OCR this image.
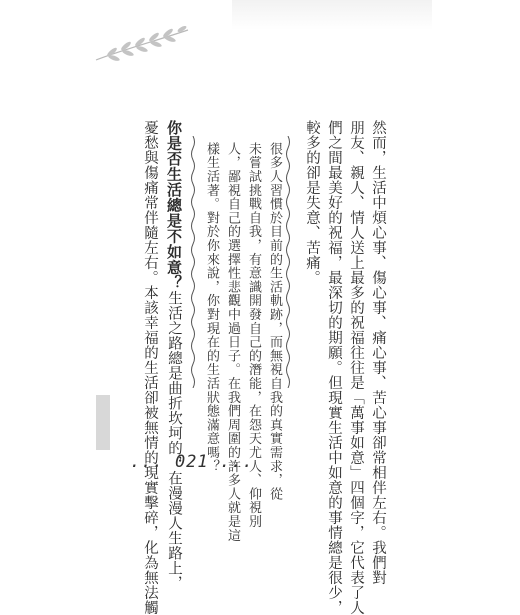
然而，生活中煩心事、傷心事、痛心事、苦心事卻常相伴左右。我們對
朋友、親人、情人送上最多的祝福往往是「萬事如意」四個字，它代表了人
們之間最美好的祝福，最深切的期願。但現實生活中如意的事情總是很少，
較多的卻是失意、苦痛。
很多人習慣於目前的生活軌跡，而無視自我的真實需求，從
未嘗試挑戰自我，有意識開發自己的潛能，在怨天尤人、仰視別
人，鄙視自己的選擇性悲觀中過日子。在我們周圍的許多人就是這
樣生活著。對於你來說，你對現在的生活狀態滿意嗎？
你是否生活總是不如意？生活之路總是曲折坎坷的，在漫漫人生路上，
憂愁與傷痛常伴隨左右。本該幸福的生活卻被無情的現實擊碎，化為無法觸
... 021 ...
